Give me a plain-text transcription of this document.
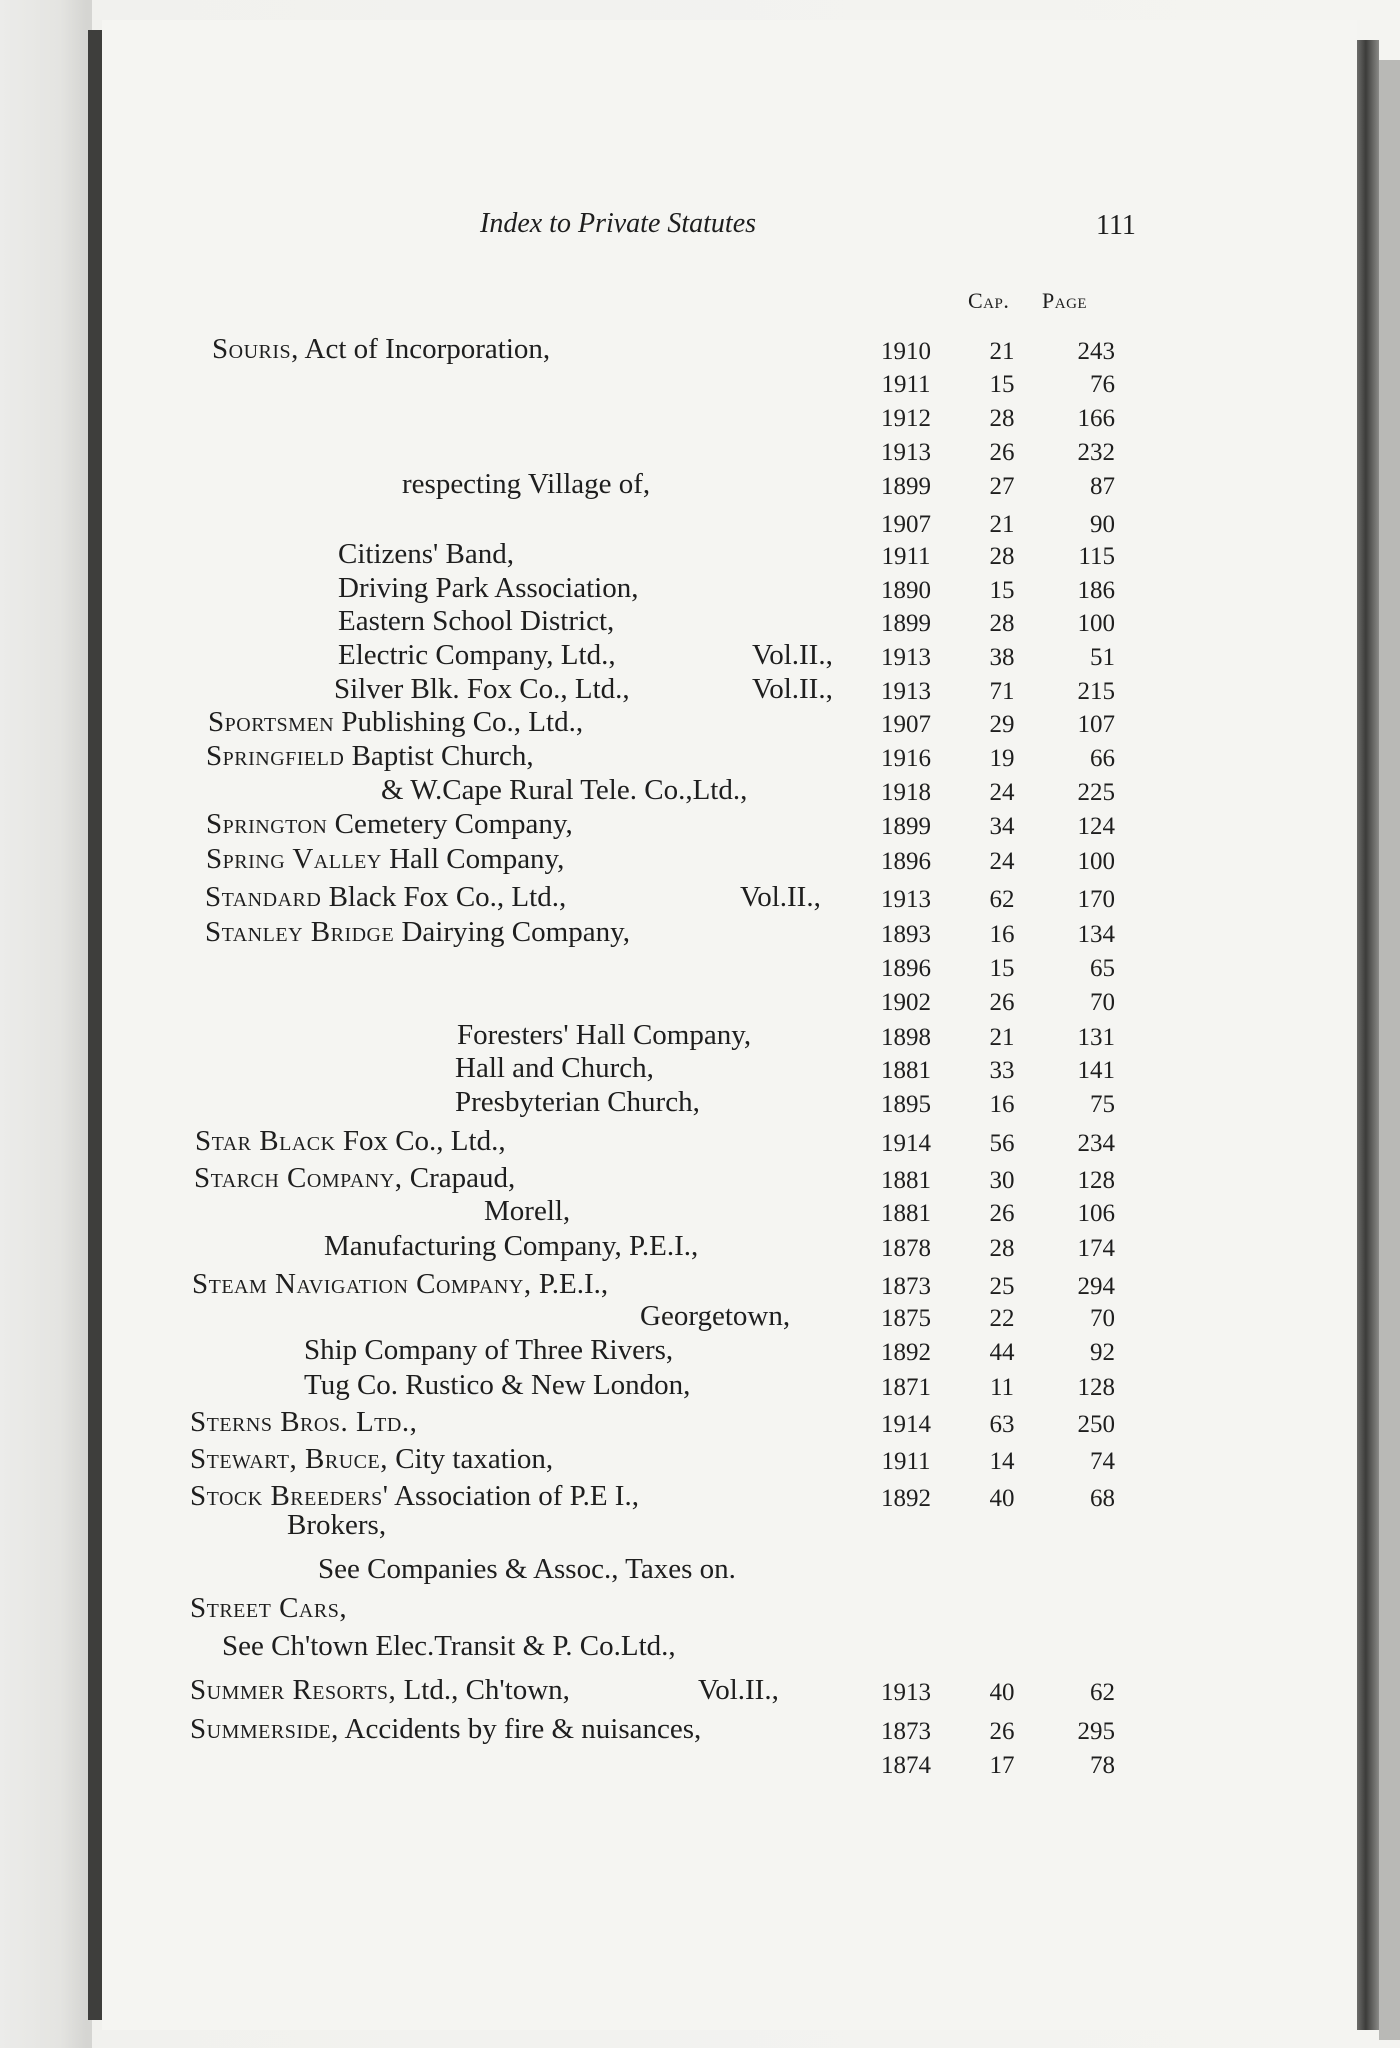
Index to Private Statutes	111
Cap. Page
Souris, Act of Incorporation,	1910	21	243
1911	15	76
1912	28	166
1913	26	232
respecting Village of,	1899	27	87
1907	21	90
Citizens' Band,	1911	28	115
Driving Park Association,	1890	15	186
Eastern School District,	1899	28	100
Electric Company, Ltd.,	Vol.II.,	1913	38	51
Silver Blk. Fox Co., Ltd.,	Vol.II.,	1913	71	215
Sportsmen Publishing Co., Ltd.,	1907	29	107
Springfield Baptist Church,	1916	19	66
& W.Cape Rural Tele. Co.,Ltd.,	1918	24	225
Springton Cemetery Company,	1899	34	124
Spring Valley Hall Company,	1896	24	100
Standard Black Fox Co., Ltd.,	Vol.II.,	1913	62	170
Stanley Bridge Dairying Company,	1893	16	134
1896	15	65
1902	26	70
Foresters' Hall Company,	1898	21	131
Hall and Church,	1881	33	141
Presbyterian Church,	1895	16	75
Star Black Fox Co., Ltd.,	1914	56	234
Starch Company, Crapaud,	1881	30	128
Morell,	1881	26	106
Manufacturing Company, P.E.I.,	1878	28	174
Steam Navigation Company, P.E.I.,	1873	25	294
Georgetown,	1875	22	70
Ship Company of Three Rivers,	1892	44	92
Tug Co. Rustico & New London,	1871	11	128
Sterns Bros. Ltd.,	1914	63	250
Stewart, Bruce, City taxation,	1911	14	74
Stock Breeders' Association of P.E I.,	1892	40	68
Brokers,
See Companies & Assoc., Taxes on.
Street Cars,
See Ch'town Elec.Transit & P. Co.Ltd.,
Summer Resorts, Ltd., Ch'town,	Vol.II.,	1913	40	62
Summerside, Accidents by fire & nuisances,	1873	26	295
1874	17	78
